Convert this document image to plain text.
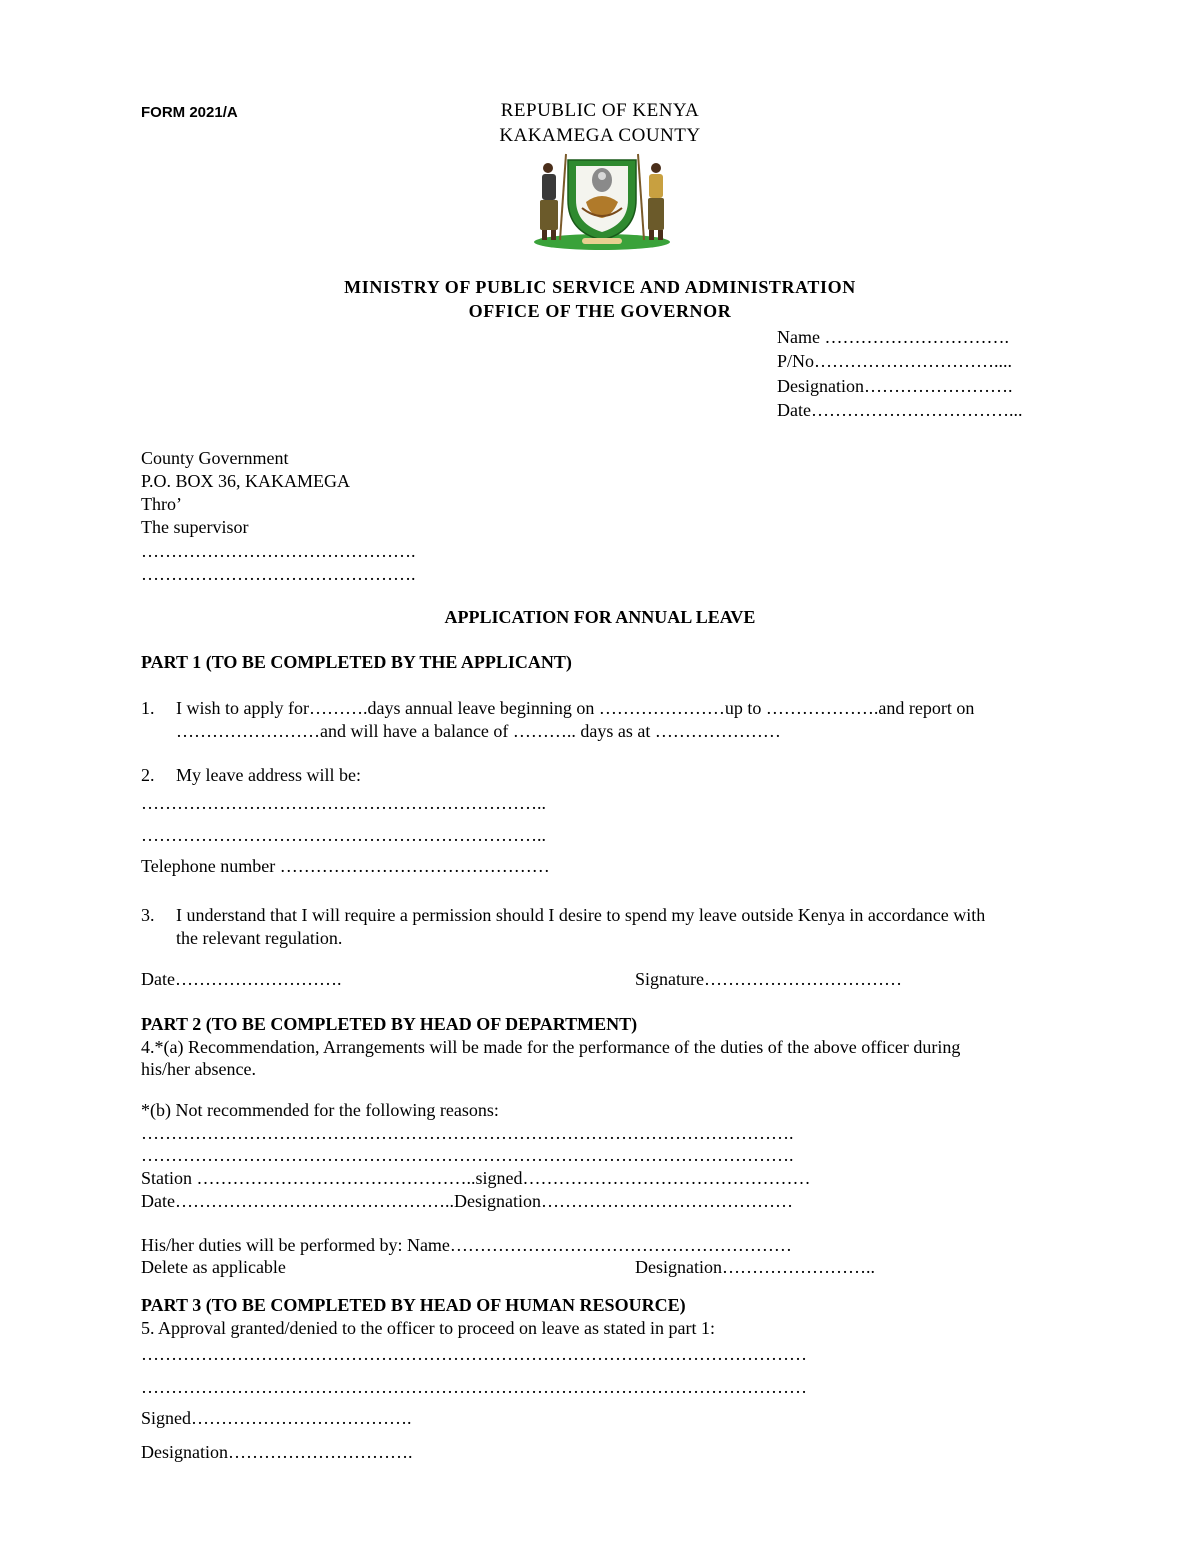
FORM 2021/A	REPUBLIC OF KENYA
KAKAMEGA COUNTY
MINISTRY OF PUBLIC SERVICE AND ADMINISTRATION
OFFICE OF THE GOVERNOR
Name ………………………….
P/No…………………………....
Designation…………………….
Date……………………………...
County Government
P.O. BOX 36, KAKAMEGA
Thro’
The supervisor
……………………………………….
……………………………………….
APPLICATION FOR ANNUAL LEAVE
PART 1 (TO BE COMPLETED BY THE APPLICANT)
1. I wish to apply for……….days annual leave beginning on …………………up to ……………….and report on
……………………and will have a balance of ……….. days as at …………………
2. My leave address will be:
…………………………………………………………..
…………………………………………………………..
Telephone number ………………………………………
3. I understand that I will require a permission should I desire to spend my leave outside Kenya in accordance with
the relevant regulation.
Date……………………….	Signature……………………………
PART 2 (TO BE COMPLETED BY HEAD OF DEPARTMENT)
4.*(a) Recommendation, Arrangements will be made for the performance of the duties of the above officer during
his/her absence.
*(b) Not recommended for the following reasons:
……………………………………………………………………………………………….
……………………………………………………………………………………………….
Station ………………………………………..signed…………………………………………
Date………………………………………..Designation……………………………………
His/her duties will be performed by: Name…………………………………………………
Delete as applicable	Designation……………………..
PART 3 (TO BE COMPLETED BY HEAD OF HUMAN RESOURCE)
5. Approval granted/denied to the officer to proceed on leave as stated in part 1:
…………………………………………………………………………………………………
…………………………………………………………………………………………………
Signed……………………………….
Designation………………………….
